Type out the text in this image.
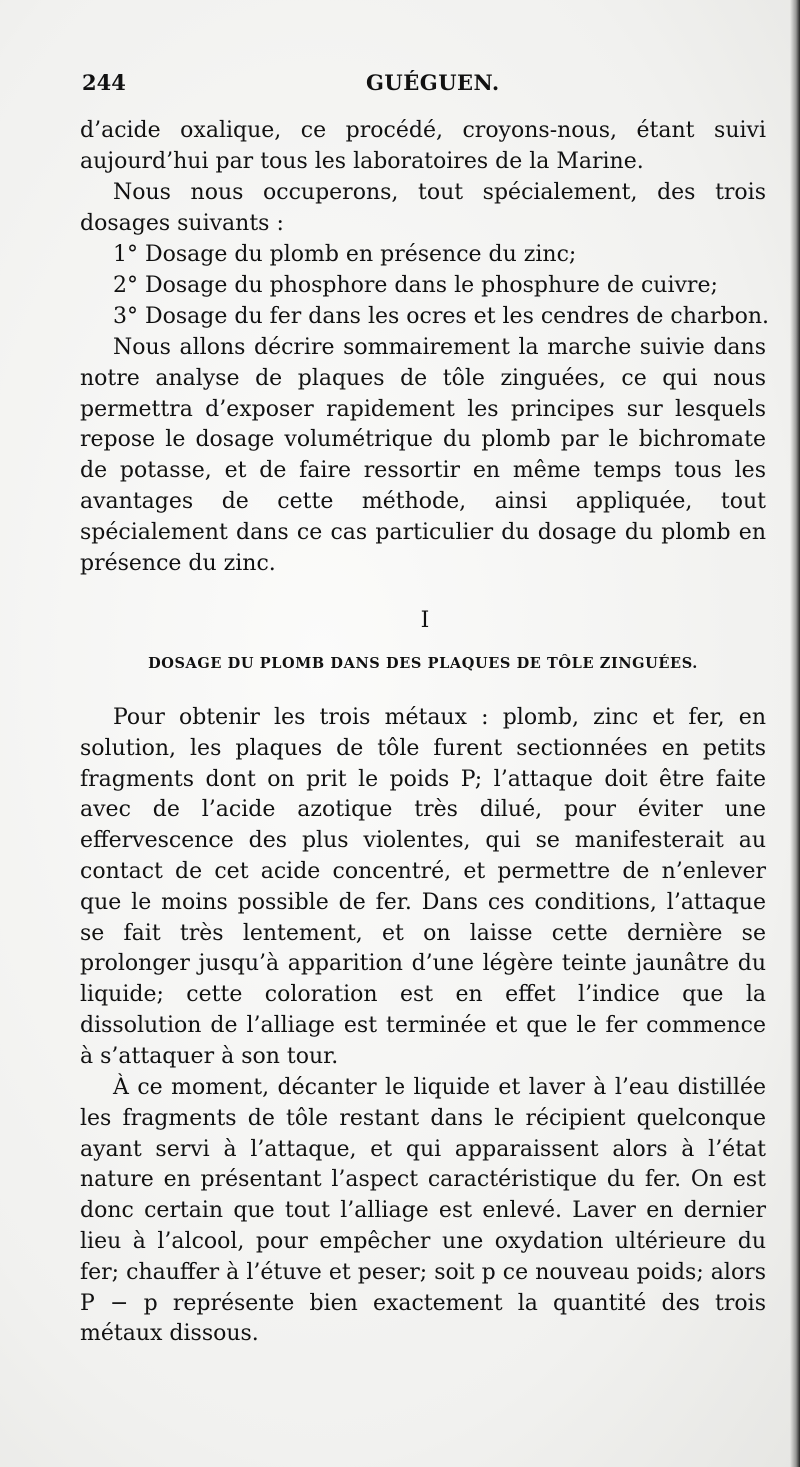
244	GUÉGUEN.

d’acide oxalique, ce procédé, croyons-nous, étant suivi aujourd’hui par tous les laboratoires de la Marine.

Nous nous occuperons, tout spécialement, des trois dosages suivants :

1° Dosage du plomb en présence du zinc;

2° Dosage du phosphore dans le phosphure de cuivre;

3° Dosage du fer dans les ocres et les cendres de charbon.

Nous allons décrire sommairement la marche suivie dans notre analyse de plaques de tôle zinguées, ce qui nous permettra d’exposer rapidement les principes sur lesquels repose le dosage volumétrique du plomb par le bichromate de potasse, et de faire ressortir en même temps tous les avantages de cette méthode, ainsi appliquée, tout spécialement dans ce cas particulier du dosage du plomb en présence du zinc.

I
DOSAGE DU PLOMB DANS DES PLAQUES DE TÔLE ZINGUÉES.

Pour obtenir les trois métaux : plomb, zinc et fer, en solution, les plaques de tôle furent sectionnées en petits fragments dont on prit le poids P; l’attaque doit être faite avec de l’acide azotique très dilué, pour éviter une effervescence des plus violentes, qui se manifesterait au contact de cet acide concentré, et permettre de n’enlever que le moins possible de fer. Dans ces conditions, l’attaque se fait très lentement, et on laisse cette dernière se prolonger jusqu’à apparition d’une légère teinte jaunâtre du liquide; cette coloration est en effet l’indice que la dissolution de l’alliage est terminée et que le fer commence à s’attaquer à son tour.

À ce moment, décanter le liquide et laver à l’eau distillée les fragments de tôle restant dans le récipient quelconque ayant servi à l’attaque, et qui apparaissent alors à l’état nature en présentant l’aspect caractéristique du fer. On est donc certain que tout l’alliage est enlevé. Laver en dernier lieu à l’alcool, pour empêcher une oxydation ultérieure du fer; chauffer à l’étuve et peser; soit p ce nouveau poids; alors P − p représente bien exactement la quantité des trois métaux dissous.
